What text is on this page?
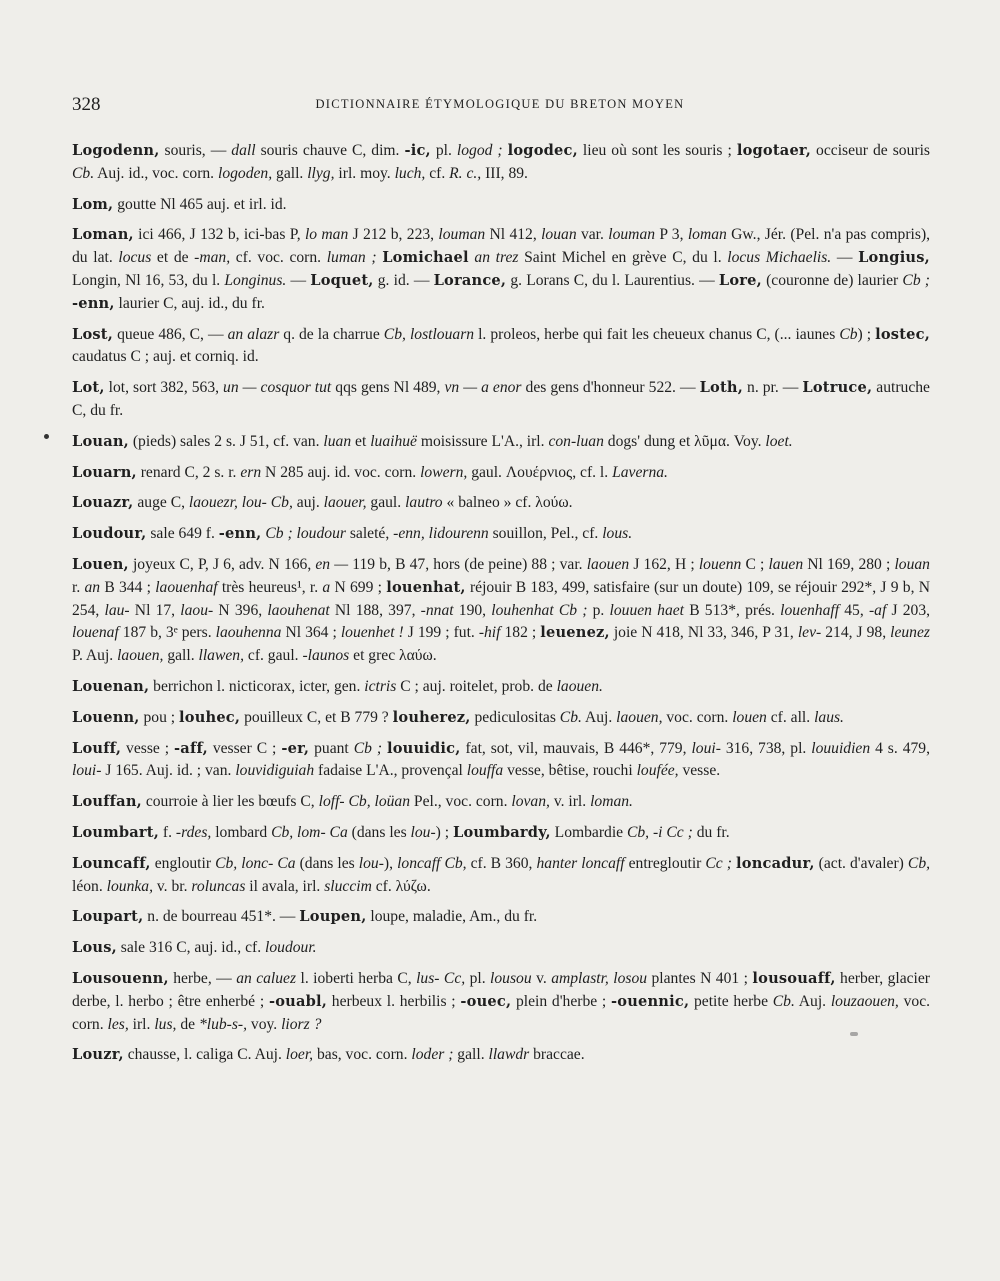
328	DICTIONNAIRE ÉTYMOLOGIQUE DU BRETON MOYEN

Logodenn, souris, — dall souris chauve C, dim. -ic, pl. logod ; logodec, lieu où sont les souris ; logotaer, occiseur de souris Cb. Auj. id., voc. corn. logoden, gall. llyg, irl. moy. luch, cf. R. c., III, 89.

Lom, goutte Nl 465 auj. et irl. id.

Loman, ici 466, J 132 b, ici-bas P, lo man J 212 b, 223, louman Nl 412, louan var. louman P 3, loman Gw., Jér. (Pel. n'a pas compris), du lat. locus et de -man, cf. voc. corn. luman ; Lomichael an trez Saint Michel en grève C, du l. locus Michaelis. — Longius, Longin, Nl 16, 53, du l. Longinus. — Loquet, g. id. — Lorance, g. Lorans C, du l. Laurentius. — Lore, (couronne de) laurier Cb ; -enn, laurier C, auj. id., du fr.

Lost, queue 486, C, — an alazr q. de la charrue Cb, lostlouarn l. proleos, herbe qui fait les cheueux chanus C, (... iaunes Cb) ; lostec, caudatus C ; auj. et corniq. id.

Lot, lot, sort 382, 563, un — cosquor tut qqs gens Nl 489, vn — a enor des gens d'honneur 522. — Loth, n. pr. — Lotruce, autruche C, du fr.

Louan, (pieds) sales 2 s. J 51, cf. van. luan et luaihuë moisissure L'A., irl. con-luan dogs' dung et λῦμα. Voy. loet.

Louarn, renard C, 2 s. r. ern N 285 auj. id. voc. corn. lowern, gaul. Λουέρνιος, cf. l. Laverna.

Louazr, auge C, laouezr, lou- Cb, auj. laouer, gaul. lautro « balneo » cf. λούω.

Loudour, sale 649 f. -enn, Cb ; loudour saleté, -enn, lidourenn souillon, Pel., cf. lous.

Louen, joyeux C, P, J 6, adv. N 166, en — 119 b, B 47, hors (de peine) 88 ; var. laouen J 162, H ; louenn C ; lauen Nl 169, 280 ; louan r. an B 344 ; laouenhaf très heureus¹, r. a N 699 ; louenhat, réjouir B 183, 499, satisfaire (sur un doute) 109, se réjouir 292*, J 9 b, N 254, lau- Nl 17, laou- N 396, laouhenat Nl 188, 397, -nnat 190, louhenhat Cb ; p. louuen haet B 513*, prés. louenhaff 45, -af J 203, louenaf 187 b, 3ᵉ pers. laouhenna Nl 364 ; louenhet ! J 199 ; fut. -hif 182 ; leuenez, joie N 418, Nl 33, 346, P 31, lev- 214, J 98, leunez P. Auj. laouen, gall. llawen, cf. gaul. -launos et grec λαύω.

Louenan, berrichon l. nicticorax, icter, gen. ictris C ; auj. roitelet, prob. de laouen.

Louenn, pou ; louhec, pouilleux C, et B 779 ? louherez, pediculositas Cb. Auj. laouen, voc. corn. louen cf. all. laus.

Louff, vesse ; -aff, vesser C ; -er, puant Cb ; louuidic, fat, sot, vil, mauvais, B 446*, 779, loui- 316, 738, pl. louuidien 4 s. 479, loui- J 165. Auj. id. ; van. louvidiguiah fadaise L'A., provençal louffa vesse, bêtise, rouchi loufée, vesse.

Louffan, courroie à lier les bœufs C, loff- Cb, loüan Pel., voc. corn. lovan, v. irl. loman.

Loumbart, f. -rdes, lombard Cb, lom- Ca (dans les lou-) ; Loumbardy, Lombardie Cb, -i Cc ; du fr.

Louncaff, engloutir Cb, lonc- Ca (dans les lou-), loncaff Cb, cf. B 360, hanter loncaff entregloutir Cc ; loncadur, (act. d'avaler) Cb, léon. lounka, v. br. roluncas il avala, irl. sluccim cf. λύζω.

Loupart, n. de bourreau 451*. — Loupen, loupe, maladie, Am., du fr.

Lous, sale 316 C, auj. id., cf. loudour.

Lousouenn, herbe, — an caluez l. ioberti herba C, lus- Cc, pl. lousou v. amplastr, losou plantes N 401 ; lousouaff, herber, glacier derbe, l. herbo ; être enherbé ; -ouabl, herbeux l. herbilis ; -ouec, plein d'herbe ; -ouennic, petite herbe Cb. Auj. louzaouen, voc. corn. les, irl. lus, de *lub-s-, voy. liorz ?

Louzr, chausse, l. caliga C. Auj. loer, bas, voc. corn. loder ; gall. llawdr braccae.
